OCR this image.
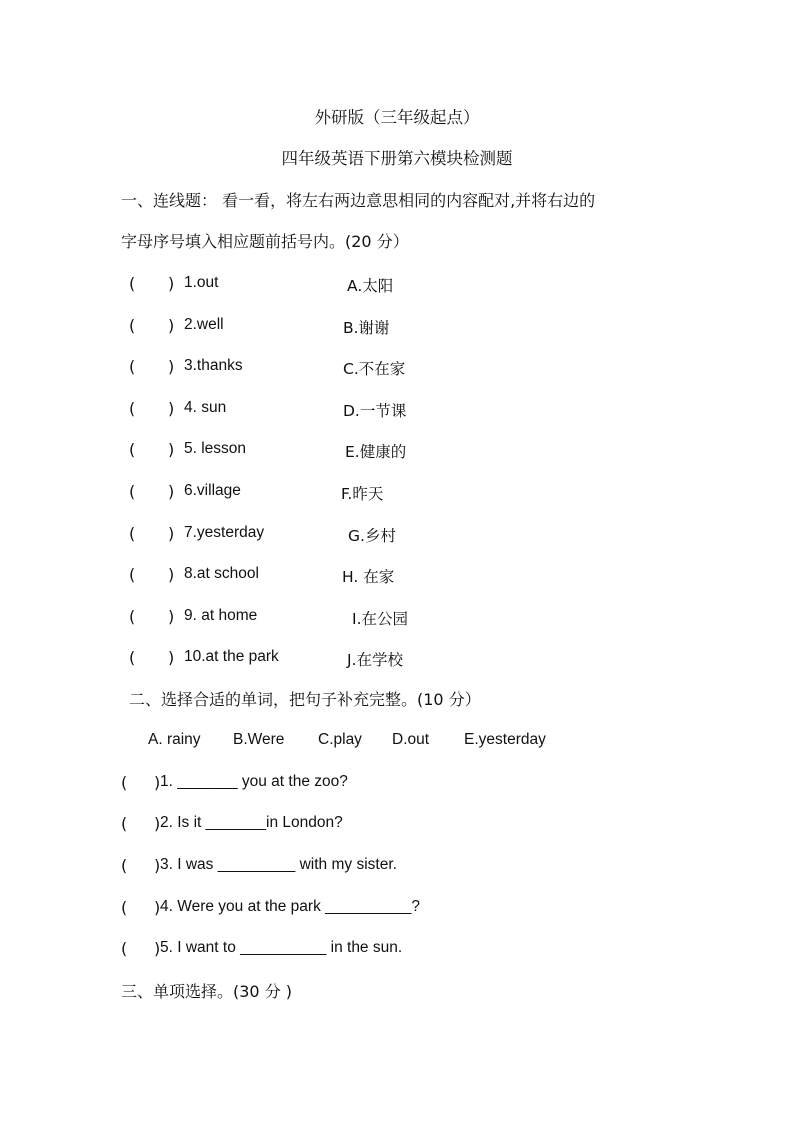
外研版（三年级起点）
四年级英语下册第六模块检测题
一、连线题： 看一看，将左右两边意思相同的内容配对,并将右边的
字母序号填入相应题前括号内。(20 分）
( ) 1.out	A.太阳
( ) 2.well	B.谢谢
( ) 3.thanks	C.不在家
( ) 4. sun	D.一节课
( ) 5. lesson	E.健康的
( ) 6.village	F.昨天
( ) 7.yesterday	G.乡村
( ) 8.at school	H. 在家
( ) 9. at home	I.在公园
( ) 10.at the park	J.在学校
二、选择合适的单词，把句子补充完整。(10 分）
A. rainy B.Were C.play D.out E.yesterday
( ) 1. _______ you at the zoo?
( ) 2. Is it _______in London?
( ) 3. I was _________ with my sister.
( ) 4. Were you at the park __________?
( ) 5. I want to __________ in the sun.
三、单项选择。(30 分 )
